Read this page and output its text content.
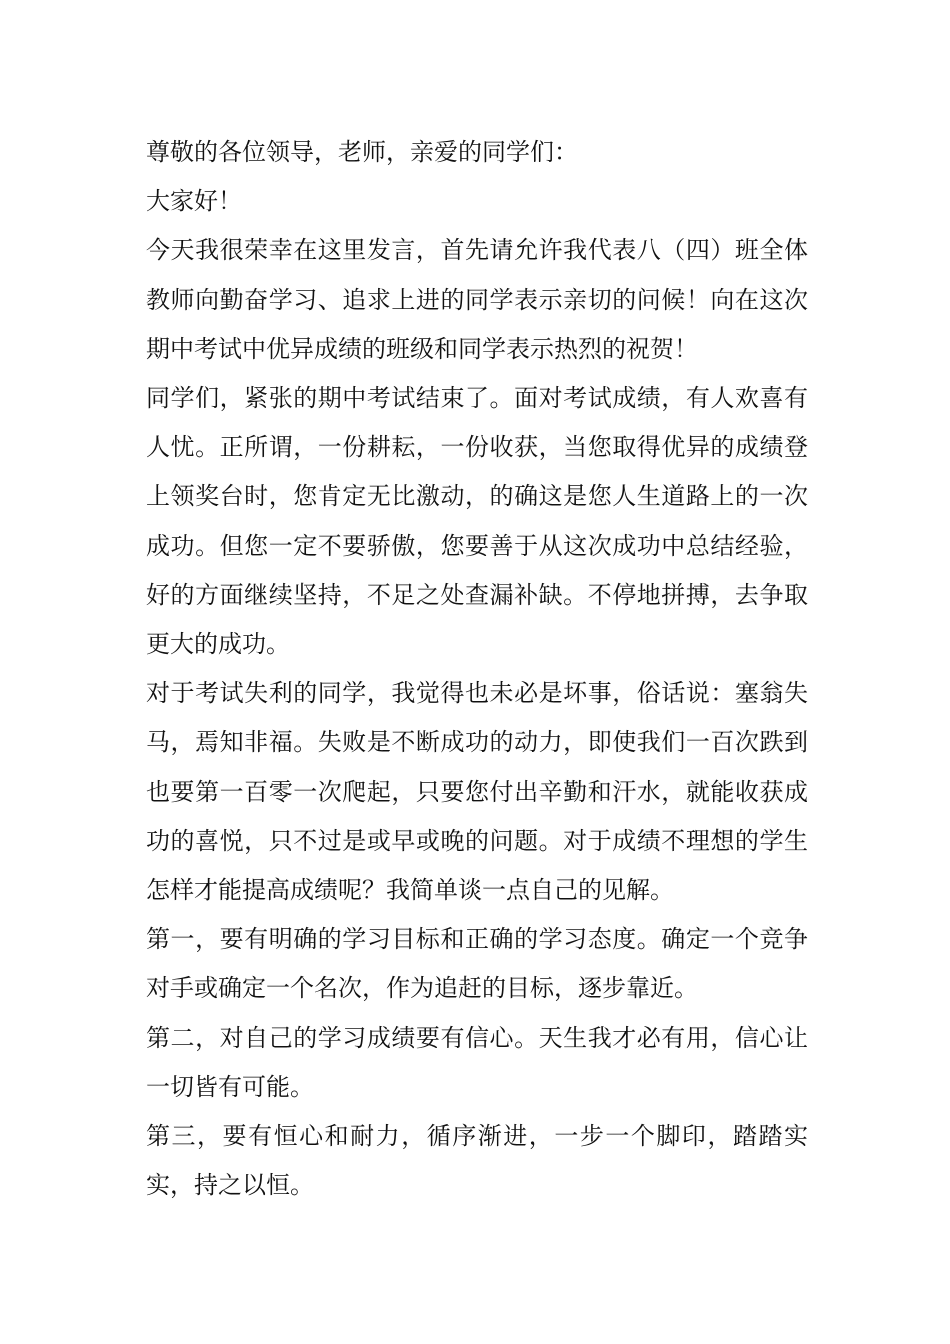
尊敬的各位领导，老师，亲爱的同学们：

大家好！

今天我很荣幸在这里发言，首先请允许我代表八（四）班全体教师向勤奋学习、追求上进的同学表示亲切的问候！向在这次期中考试中优异成绩的班级和同学表示热烈的祝贺！

同学们，紧张的期中考试结束了。面对考试成绩，有人欢喜有人忧。正所谓，一份耕耘，一份收获，当您取得优异的成绩登上领奖台时，您肯定无比激动，的确这是您人生道路上的一次成功。但您一定不要骄傲，您要善于从这次成功中总结经验，好的方面继续坚持，不足之处查漏补缺。不停地拼搏，去争取更大的成功。

对于考试失利的同学，我觉得也未必是坏事，俗话说：塞翁失马，焉知非福。失败是不断成功的动力，即使我们一百次跌到也要第一百零一次爬起，只要您付出辛勤和汗水，就能收获成功的喜悦，只不过是或早或晚的问题。对于成绩不理想的学生怎样才能提高成绩呢？我简单谈一点自己的见解。

第一，要有明确的学习目标和正确的学习态度。确定一个竞争对手或确定一个名次，作为追赶的目标，逐步靠近。

第二，对自己的学习成绩要有信心。天生我才必有用，信心让一切皆有可能。

第三，要有恒心和耐力，循序渐进，一步一个脚印，踏踏实实，持之以恒。
